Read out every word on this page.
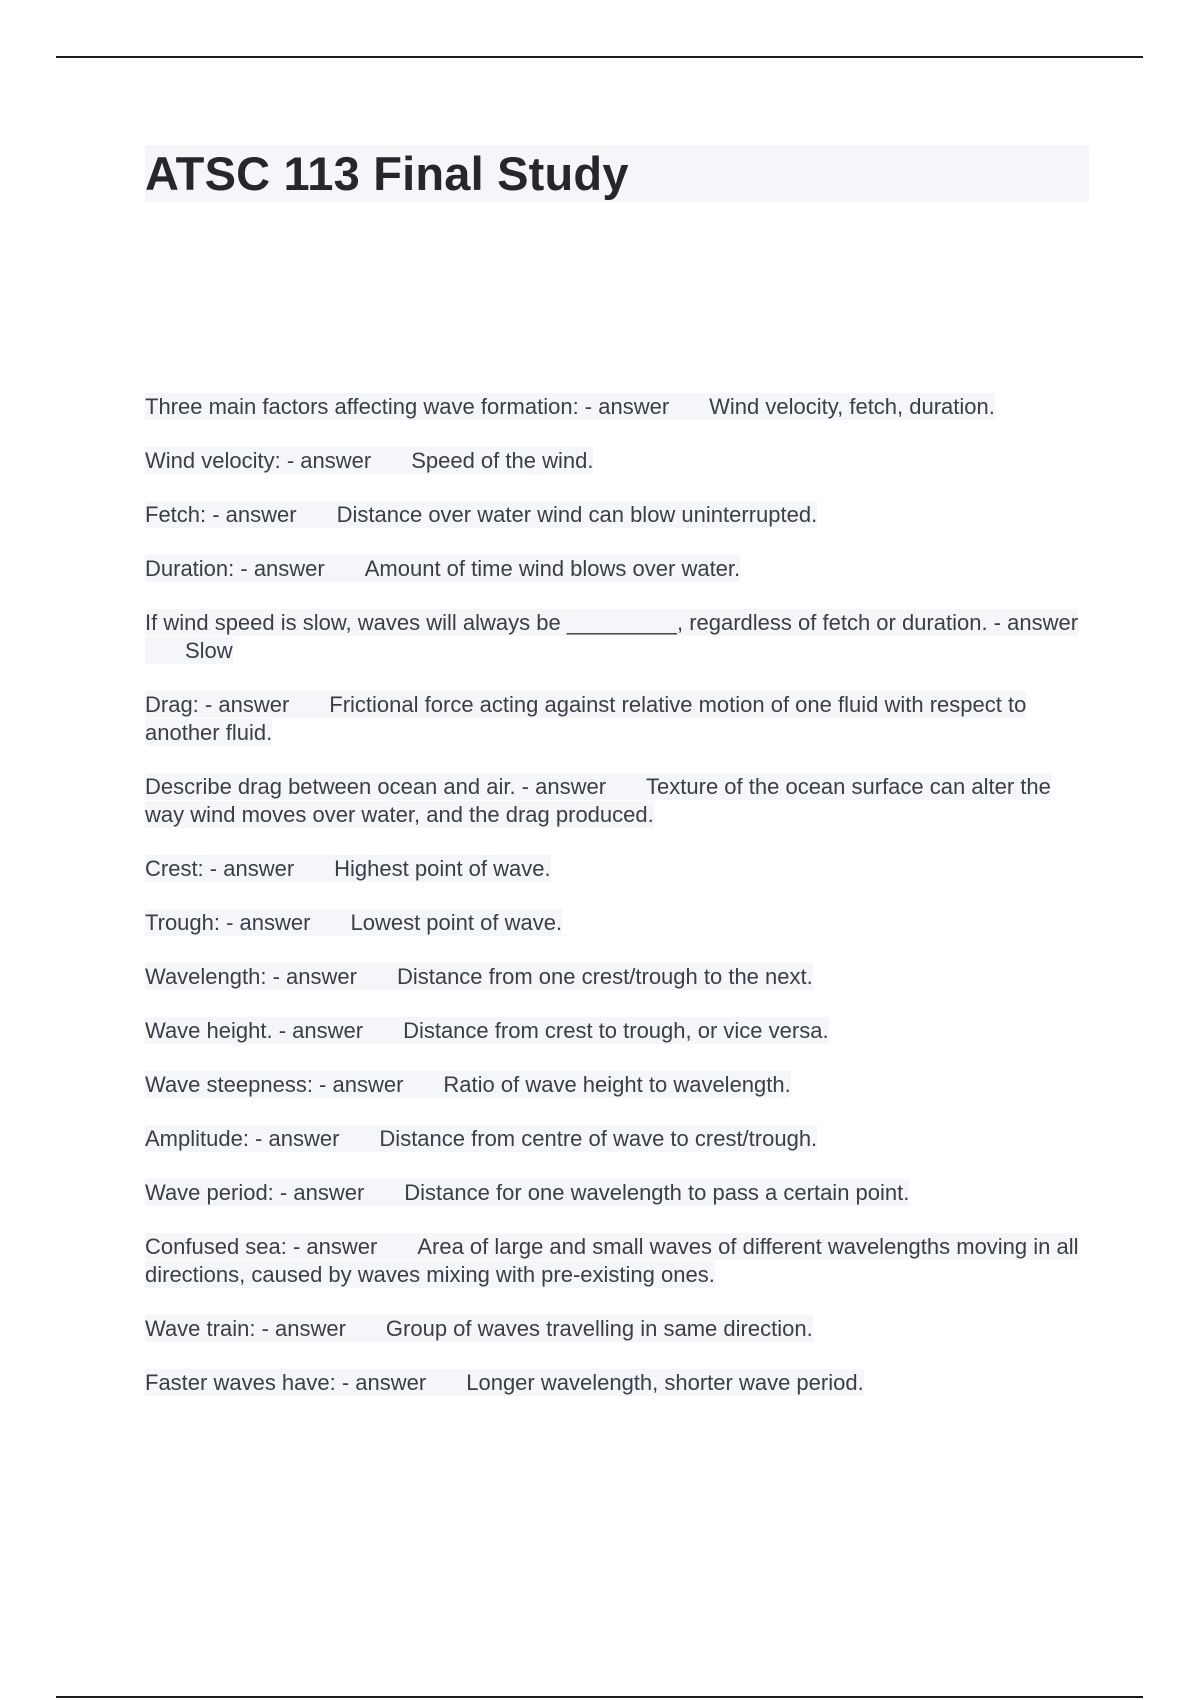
ATSC 113 Final Study
Three main factors affecting wave formation: - answer Wind velocity, fetch, duration.
Wind velocity: - answer Speed of the wind.
Fetch: - answer Distance over water wind can blow uninterrupted.
Duration: - answer Amount of time wind blows over water.
If wind speed is slow, waves will always be _________, regardless of fetch or duration. - answerSlow
Drag: - answer Frictional force acting against relative motion of one fluid with respect to another fluid.
Describe drag between ocean and air. - answer Texture of the ocean surface can alter the way wind moves over water, and the drag produced.
Crest: - answer Highest point of wave.
Trough: - answer Lowest point of wave.
Wavelength: - answer Distance from one crest/trough to the next.
Wave height. - answer Distance from crest to trough, or vice versa.
Wave steepness: - answer Ratio of wave height to wavelength.
Amplitude: - answer Distance from centre of wave to crest/trough.
Wave period: - answer Distance for one wavelength to pass a certain point.
Confused sea: - answer Area of large and small waves of different wavelengths moving in all directions, caused by waves mixing with pre-existing ones.
Wave train: - answer Group of waves travelling in same direction.
Faster waves have: - answer Longer wavelength, shorter wave period.
